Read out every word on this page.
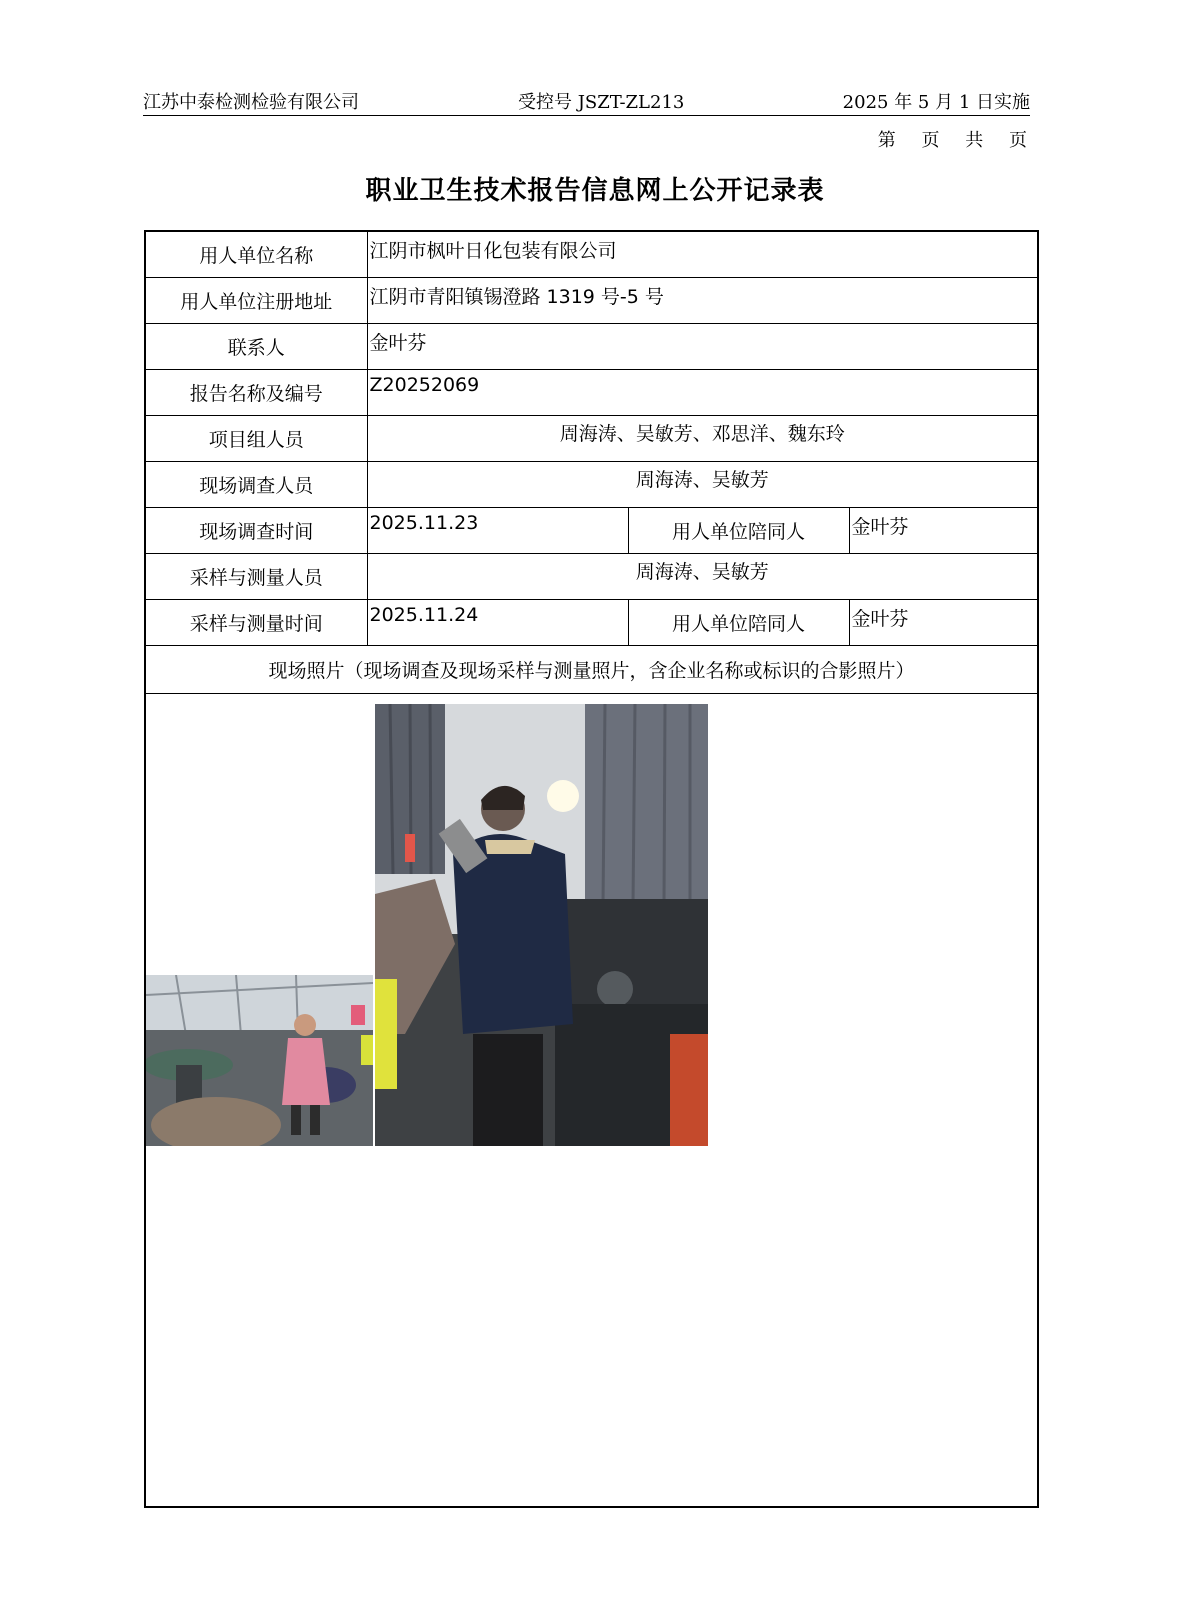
江苏中泰检测检验有限公司	受控号 JSZT-ZL213	2025 年 5 月 1 日实施
第 页 共 页
职业卫生技术报告信息网上公开记录表
用人单位名称	江阴市枫叶日化包装有限公司		
用人单位注册地址	江阴市青阳镇锡澄路 1319 号-5 号		
联系人	金叶芬		
报告名称及编号	Z20252069		
项目组人员	周海涛、吴敏芳、邓思洋、魏东玲		
现场调查人员	周海涛、吴敏芳		
现场调查时间	2025.11.23	用人单位陪同人	金叶芬
采样与测量人员	周海涛、吴敏芳		
采样与测量时间	2025.11.24	用人单位陪同人	金叶芬
现场照片（现场调查及现场采样与测量照片，含企业名称或标识的合影照片）			
